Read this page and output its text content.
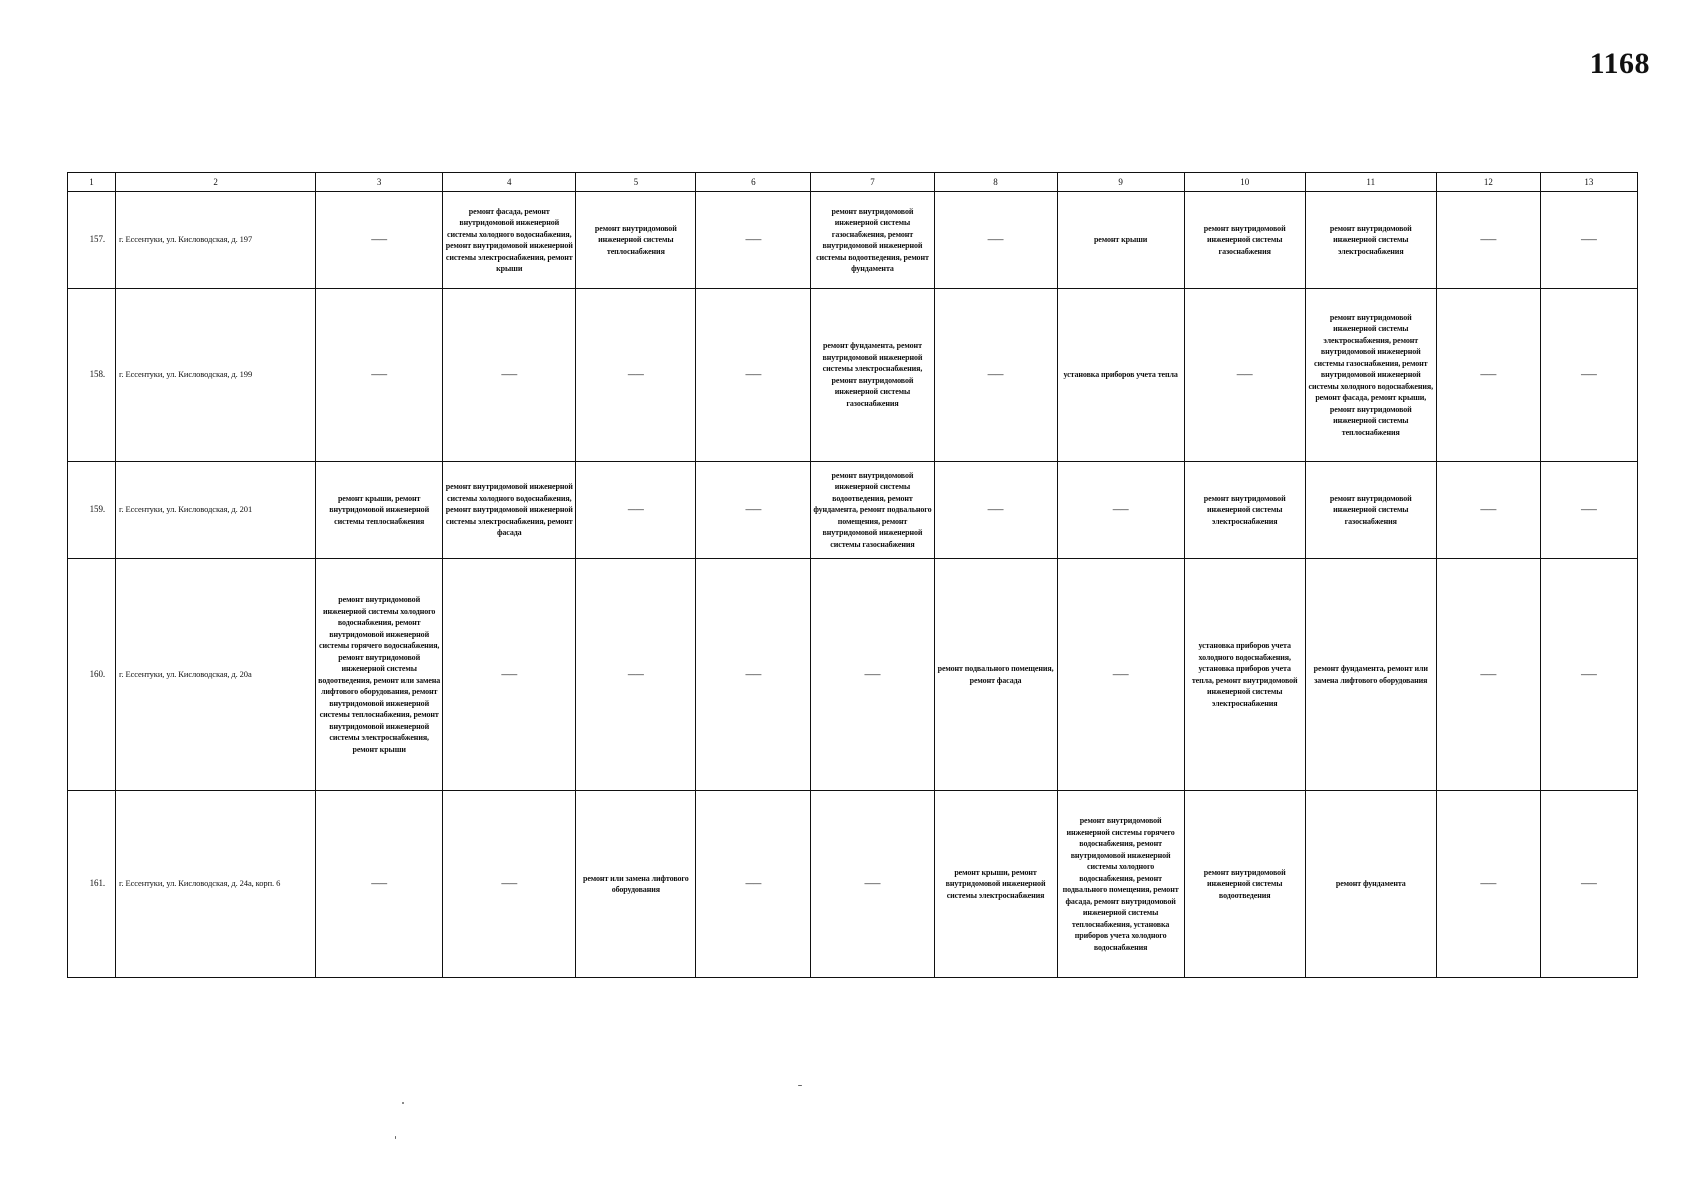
1168
1	2	3	4	5	6	7	8	9	10	11	12	13
157.	г. Ессентуки, ул. Кисловодская, д. 197	——	ремонт фасада, ремонт внутридомовой инженерной системы холодного водоснабжения, ремонт внутридомовой инженерной системы электроснабжения, ремонт крыши	ремонт внутридомовой инженерной системы теплоснабжения	——	ремонт внутридомовой инженерной системы газоснабжения, ремонт внутридомовой инженерной системы водоотведения, ремонт фундамента	——	ремонт крыши	ремонт внутридомовой инженерной системы газоснабжения	ремонт внутридомовой инженерной системы электроснабжения	——	——
158.	г. Ессентуки, ул. Кисловодская, д. 199	——	——	——	——	ремонт фундамента, ремонт внутридомовой инженерной системы электроснабжения, ремонт внутридомовой инженерной системы газоснабжения	——	установка приборов учета тепла	——	ремонт внутридомовой инженерной системы электроснабжения, ремонт внутридомовой инженерной системы газоснабжения, ремонт внутридомовой инженерной системы холодного водоснабжения, ремонт фасада, ремонт крыши, ремонт внутридомовой инженерной системы теплоснабжения	——	——
159.	г. Ессентуки, ул. Кисловодская, д. 201	ремонт крыши, ремонт внутридомовой инженерной системы теплоснабжения	ремонт внутридомовой инженерной системы холодного водоснабжения, ремонт внутридомовой инженерной системы электроснабжения, ремонт фасада	——	——	ремонт внутридомовой инженерной системы водоотведения, ремонт фундамента, ремонт подвального помещения, ремонт внутридомовой инженерной системы газоснабжения	——	——	ремонт внутридомовой инженерной системы электроснабжения	ремонт внутридомовой инженерной системы газоснабжения	——	——
160.	г. Ессентуки, ул. Кисловодская, д. 20а	ремонт внутридомовой инженерной системы холодного водоснабжения, ремонт внутридомовой инженерной системы горячего водоснабжения, ремонт внутридомовой инженерной системы водоотведения, ремонт или замена лифтового оборудования, ремонт внутридомовой инженерной системы теплоснабжения, ремонт внутридомовой инженерной системы электроснабжения, ремонт крыши	——	——	——	——	ремонт подвального помещения, ремонт фасада	——	установка приборов учета холодного водоснабжения, установка приборов учета тепла, ремонт внутридомовой инженерной системы электроснабжения	ремонт фундамента, ремонт или замена лифтового оборудования	——	——
161.	г. Ессентуки, ул. Кисловодская, д. 24а, корп. 6	——	——	ремонт или замена лифтового оборудования	——	——	ремонт крыши, ремонт внутридомовой инженерной системы электроснабжения	ремонт внутридомовой инженерной системы горячего водоснабжения, ремонт внутридомовой инженерной системы холодного водоснабжения, ремонт подвального помещения, ремонт фасада, ремонт внутридомовой инженерной системы теплоснабжения, установка приборов учета холодного водоснабжения	ремонт внутридомовой инженерной системы водоотведения	ремонт фундамента	——	——
